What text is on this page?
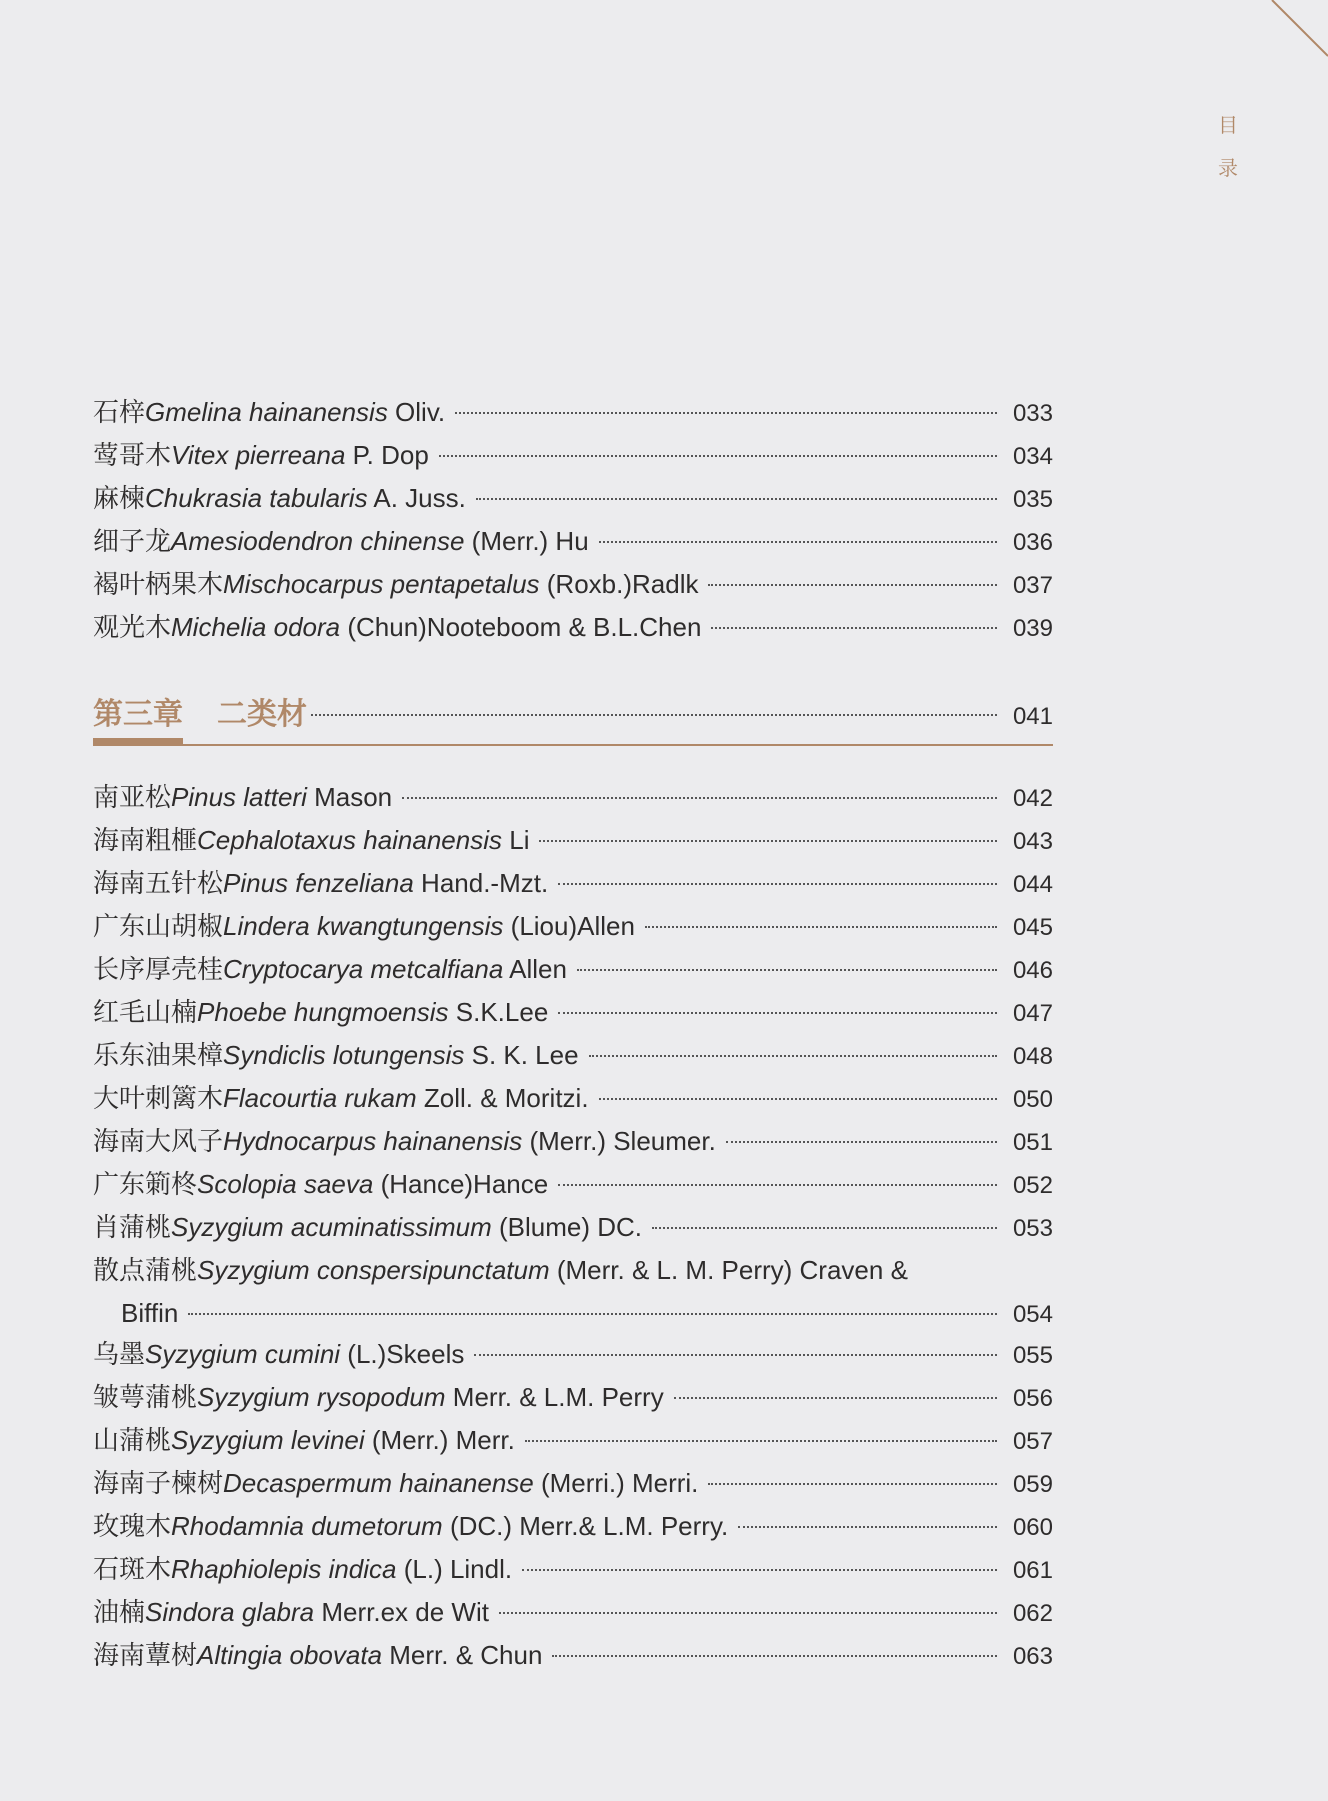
目
录
石梓Gmelina hainanensis Oliv.	033
莺哥木Vitex pierreana P. Dop	034
麻楝Chukrasia tabularis A. Juss.	035
细子龙Amesiodendron chinense (Merr.) Hu	036
褐叶柄果木Mischocarpus pentapetalus (Roxb.)Radlk	037
观光木Michelia odora (Chun)Nooteboom & B.L.Chen	039
第三章 二类材	041
南亚松Pinus latteri Mason	042
海南粗榧Cephalotaxus hainanensis Li	043
海南五针松Pinus fenzeliana Hand.-Mzt.	044
广东山胡椒Lindera kwangtungensis (Liou)Allen	045
长序厚壳桂Cryptocarya metcalfiana Allen	046
红毛山楠Phoebe hungmoensis S.K.Lee	047
乐东油果樟Syndiclis lotungensis S. K. Lee	048
大叶刺篱木Flacourtia rukam Zoll. & Moritzi.	050
海南大风子Hydnocarpus hainanensis (Merr.) Sleumer.	051
广东箣柊Scolopia saeva (Hance)Hance	052
肖蒲桃Syzygium acuminatissimum (Blume) DC.	053
散点蒲桃Syzygium conspersipunctatum (Merr. & L. M. Perry) Craven &
Biffin	054
乌墨Syzygium cumini (L.)Skeels	055
皱萼蒲桃Syzygium rysopodum Merr. & L.M. Perry	056
山蒲桃Syzygium levinei (Merr.) Merr.	057
海南子楝树Decaspermum hainanense (Merri.) Merri.	059
玫瑰木Rhodamnia dumetorum (DC.) Merr.& L.M. Perry.	060
石斑木Rhaphiolepis indica (L.) Lindl.	061
油楠Sindora glabra Merr.ex de Wit	062
海南蕈树Altingia obovata Merr. & Chun	063
